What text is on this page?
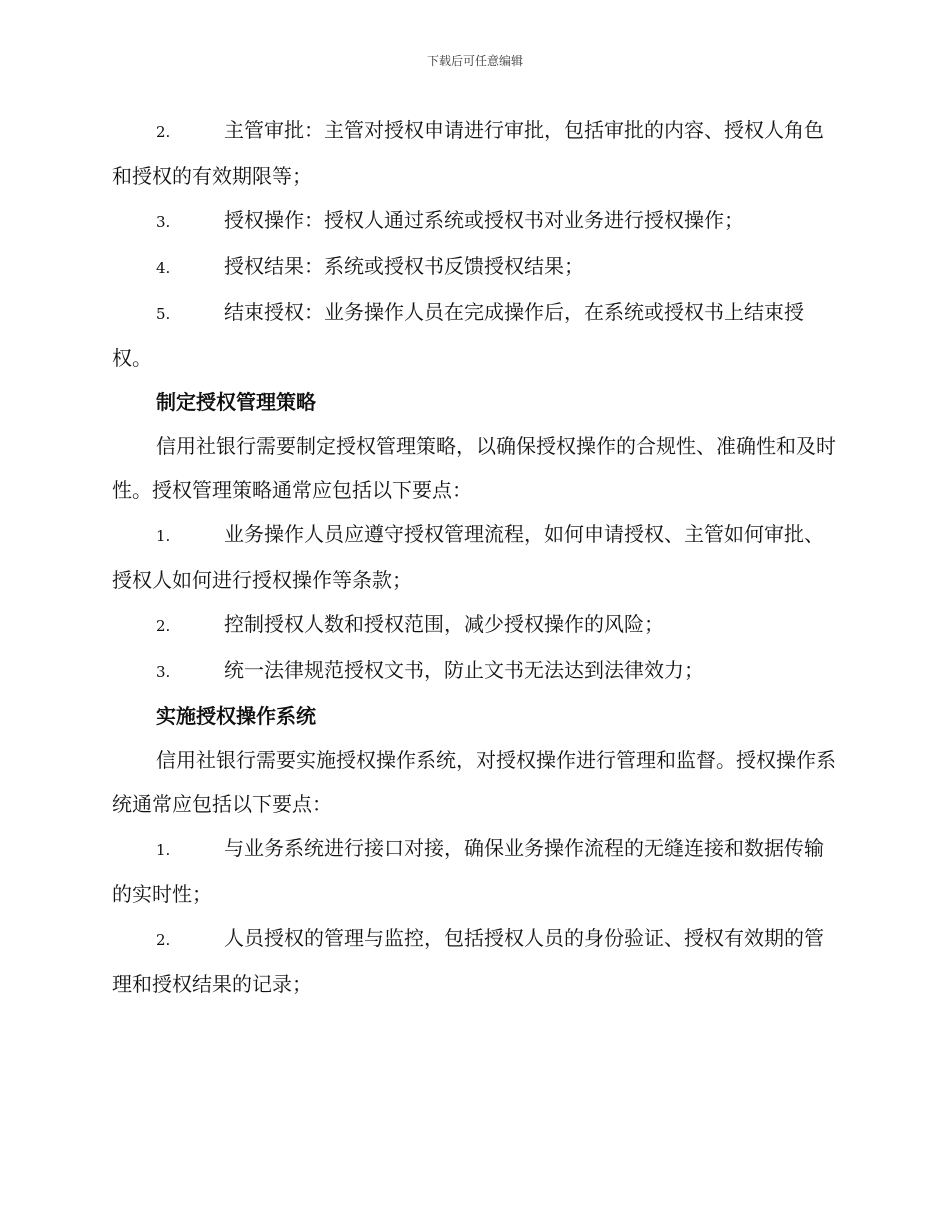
下载后可任意编辑

2.	主管审批：主管对授权申请进行审批，包括审批的内容、授权人角色和授权的有效期限等；

3.	授权操作：授权人通过系统或授权书对业务进行授权操作；

4.	授权结果：系统或授权书反馈授权结果；

5.	结束授权：业务操作人员在完成操作后，在系统或授权书上结束授权。

制定授权管理策略

信用社银行需要制定授权管理策略，以确保授权操作的合规性、准确性和及时性。授权管理策略通常应包括以下要点：

1.	业务操作人员应遵守授权管理流程，如何申请授权、主管如何审批、授权人如何进行授权操作等条款；

2.	控制授权人数和授权范围，减少授权操作的风险；

3.	统一法律规范授权文书，防止文书无法达到法律效力；

实施授权操作系统

信用社银行需要实施授权操作系统，对授权操作进行管理和监督。授权操作系统通常应包括以下要点：

1.	与业务系统进行接口对接，确保业务操作流程的无缝连接和数据传输的实时性；

2.	人员授权的管理与监控，包括授权人员的身份验证、授权有效期的管理和授权结果的记录；
